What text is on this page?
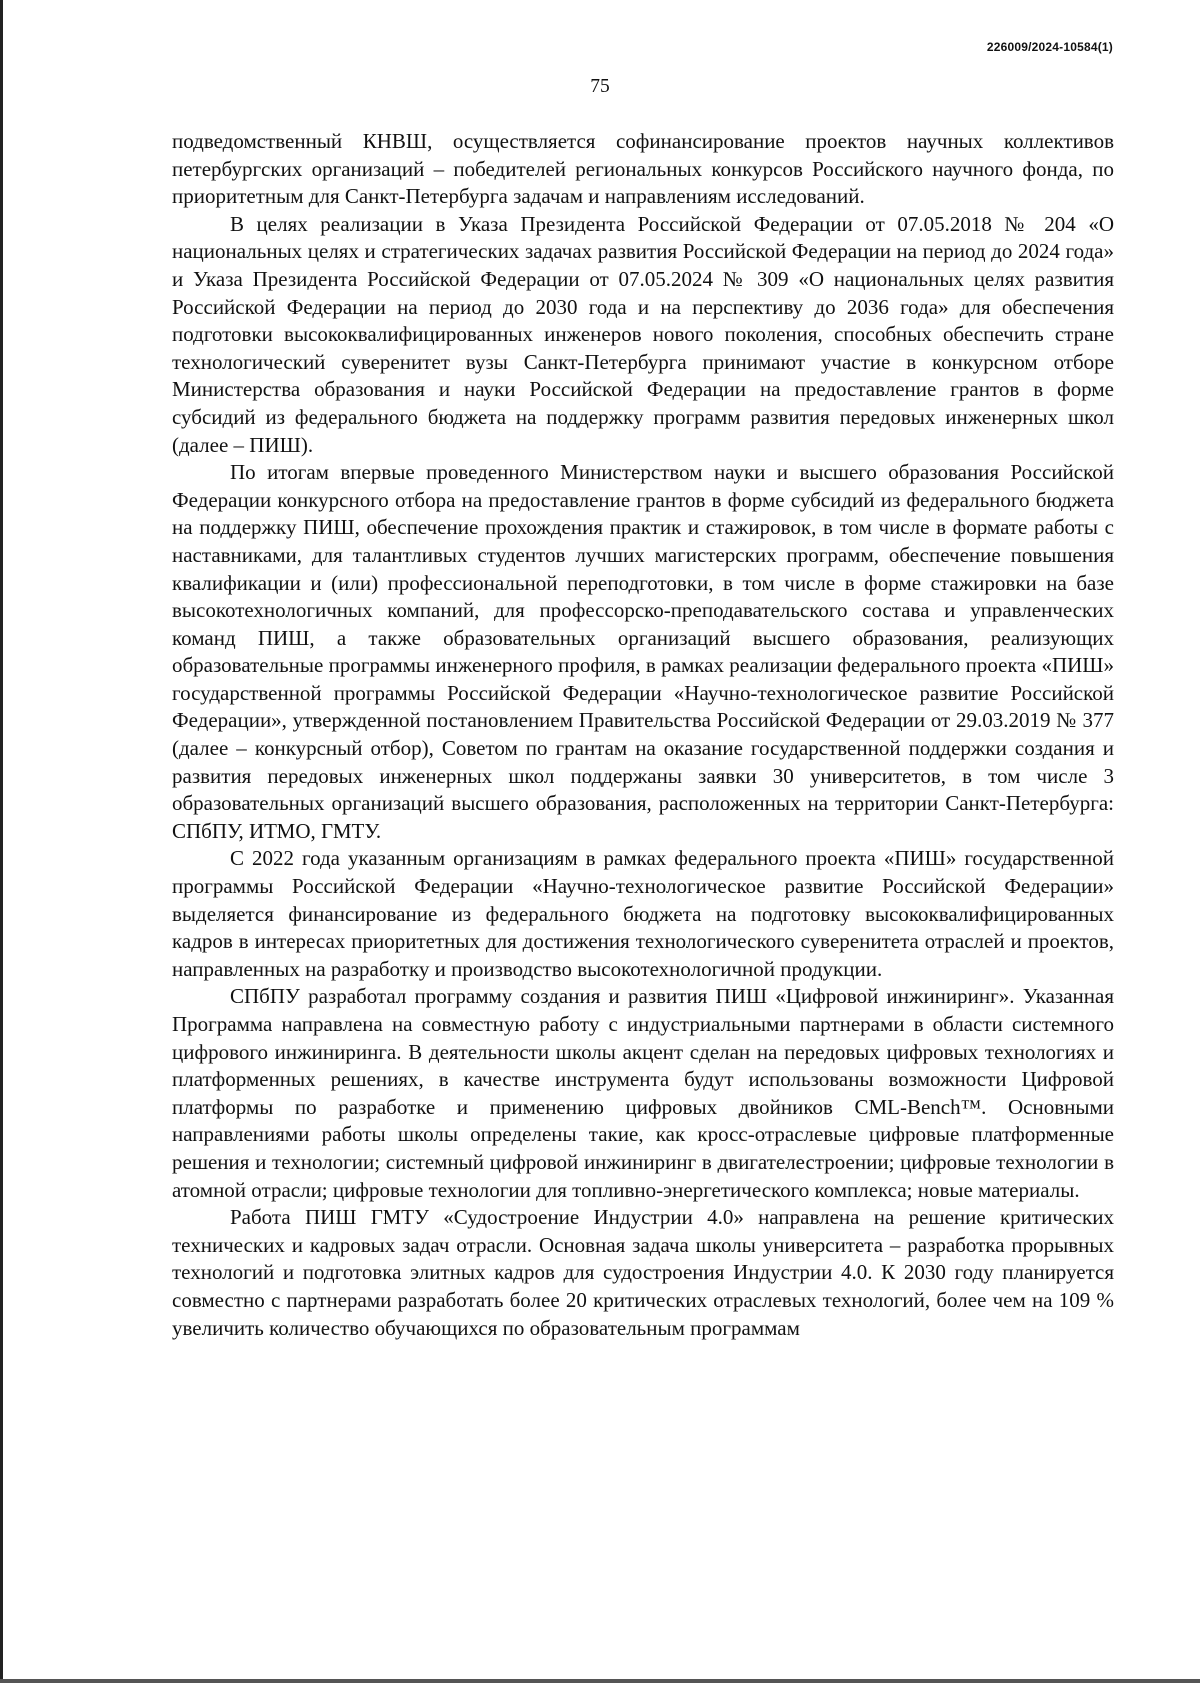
226009/2024-10584(1)
75

подведомственный КНВШ, осуществляется софинансирование проектов научных коллективов петербургских организаций – победителей региональных конкурсов Российского научного фонда, по приоритетным для Санкт-Петербурга задачам и направлениям исследований.

В целях реализации в Указа Президента Российской Федерации от 07.05.2018 № 204 «О национальных целях и стратегических задачах развития Российской Федерации на период до 2024 года» и Указа Президента Российской Федерации от 07.05.2024 № 309 «О национальных целях развития Российской Федерации на период до 2030 года и на перспективу до 2036 года» для обеспечения подготовки высококвалифицированных инженеров нового поколения, способных обеспечить стране технологический суверенитет вузы Санкт-Петербурга принимают участие в конкурсном отборе Министерства образования и науки Российской Федерации на предоставление грантов в форме субсидий из федерального бюджета на поддержку программ развития передовых инженерных школ (далее – ПИШ).

По итогам впервые проведенного Министерством науки и высшего образования Российской Федерации конкурсного отбора на предоставление грантов в форме субсидий из федерального бюджета на поддержку ПИШ, обеспечение прохождения практик и стажировок, в том числе в формате работы с наставниками, для талантливых студентов лучших магистерских программ, обеспечение повышения квалификации и (или) профессиональной переподготовки, в том числе в форме стажировки на базе высокотехнологичных компаний, для профессорско-преподавательского состава и управленческих команд ПИШ, а также образовательных организаций высшего образования, реализующих образовательные программы инженерного профиля, в рамках реализации федерального проекта «ПИШ» государственной программы Российской Федерации «Научно-технологическое развитие Российской Федерации», утвержденной постановлением Правительства Российской Федерации от 29.03.2019 № 377 (далее – конкурсный отбор), Советом по грантам на оказание государственной поддержки создания и развития передовых инженерных школ поддержаны заявки 30 университетов, в том числе 3 образовательных организаций высшего образования, расположенных на территории Санкт-Петербурга: СПбПУ, ИТМО, ГМТУ.

С 2022 года указанным организациям в рамках федерального проекта «ПИШ» государственной программы Российской Федерации «Научно-технологическое развитие Российской Федерации» выделяется финансирование из федерального бюджета на подготовку высококвалифицированных кадров в интересах приоритетных для достижения технологического суверенитета отраслей и проектов, направленных на разработку и производство высокотехнологичной продукции.

СПбПУ разработал программу создания и развития ПИШ «Цифровой инжиниринг». Указанная Программа направлена на совместную работу с индустриальными партнерами в области системного цифрового инжиниринга. В деятельности школы акцент сделан на передовых цифровых технологиях и платформенных решениях, в качестве инструмента будут использованы возможности Цифровой платформы по разработке и применению цифровых двойников CML-Bench™. Основными направлениями работы школы определены такие, как кросс-отраслевые цифровые платформенные решения и технологии; системный цифровой инжиниринг в двигателестроении; цифровые технологии в атомной отрасли; цифровые технологии для топливно-энергетического комплекса; новые материалы.

Работа ПИШ ГМТУ «Судостроение Индустрии 4.0» направлена на решение критических технических и кадровых задач отрасли. Основная задача школы университета – разработка прорывных технологий и подготовка элитных кадров для судостроения Индустрии 4.0. К 2030 году планируется совместно с партнерами разработать более 20 критических отраслевых технологий, более чем на 109 % увеличить количество обучающихся по образовательным программам
